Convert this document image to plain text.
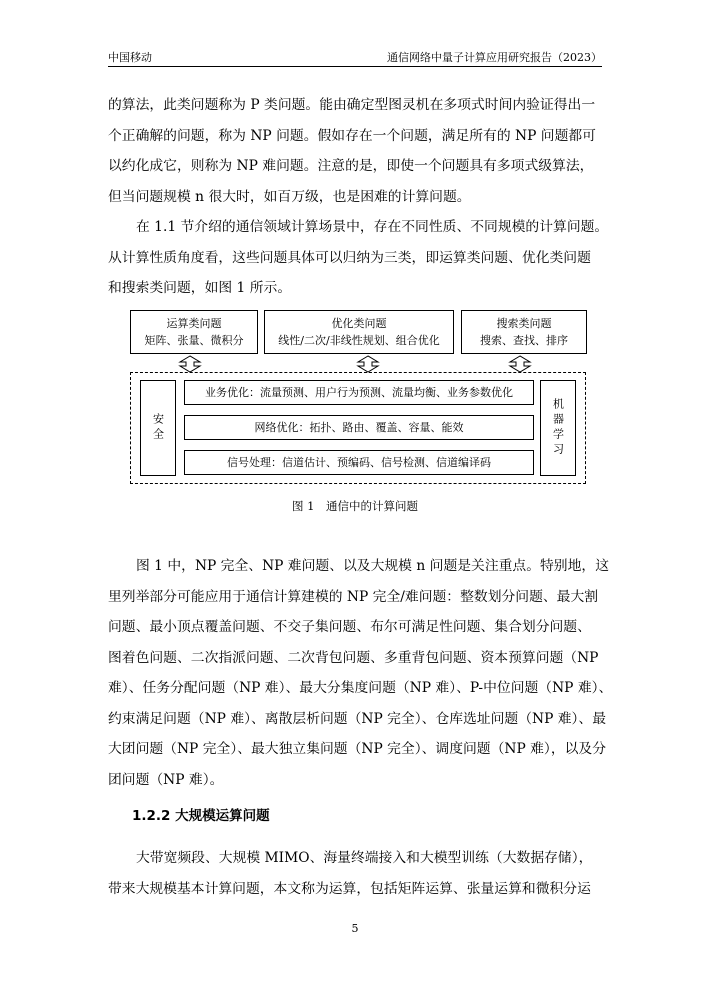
中国移动	通信网络中量子计算应用研究报告（2023）
的算法，此类问题称为 P 类问题。能由确定型图灵机在多项式时间内验证得出一
个正确解的问题，称为 NP 问题。假如存在一个问题，满足所有的 NP 问题都可
以约化成它，则称为 NP 难问题。注意的是，即使一个问题具有多项式级算法，
但当问题规模 n 很大时，如百万级，也是困难的计算问题。
在 1.1 节介绍的通信领域计算场景中，存在不同性质、不同规模的计算问题。
从计算性质角度看，这些问题具体可以归纳为三类，即运算类问题、优化类问题
和搜索类问题，如图 1 所示。
运算类问题
矩阵、张量、微积分
优化类问题
线性/二次/非线性规划、组合优化
搜索类问题
搜索、查找、排序
安全	机器学习
业务优化：流量预测、用户行为预测、流量均衡、业务参数优化
网络优化：拓扑、路由、覆盖、容量、能效
信号处理：信道估计、预编码、信号检测、信道编译码
图 1　通信中的计算问题
图 1 中，NP 完全、NP 难问题、以及大规模 n 问题是关注重点。特别地，这
里列举部分可能应用于通信计算建模的 NP 完全/难问题：整数划分问题、最大割
问题、最小顶点覆盖问题、不交子集问题、布尔可满足性问题、集合划分问题、
图着色问题、二次指派问题、二次背包问题、多重背包问题、资本预算问题（NP
难）、任务分配问题（NP 难）、最大分集度问题（NP 难）、P-中位问题（NP 难）、
约束满足问题（NP 难）、离散层析问题（NP 完全）、仓库选址问题（NP 难）、最
大团问题（NP 完全）、最大独立集问题（NP 完全）、调度问题（NP 难），以及分
团问题（NP 难）。
1.2.2 大规模运算问题
大带宽频段、大规模 MIMO、海量终端接入和大模型训练（大数据存储），
带来大规模基本计算问题，本文称为运算，包括矩阵运算、张量运算和微积分运
5
